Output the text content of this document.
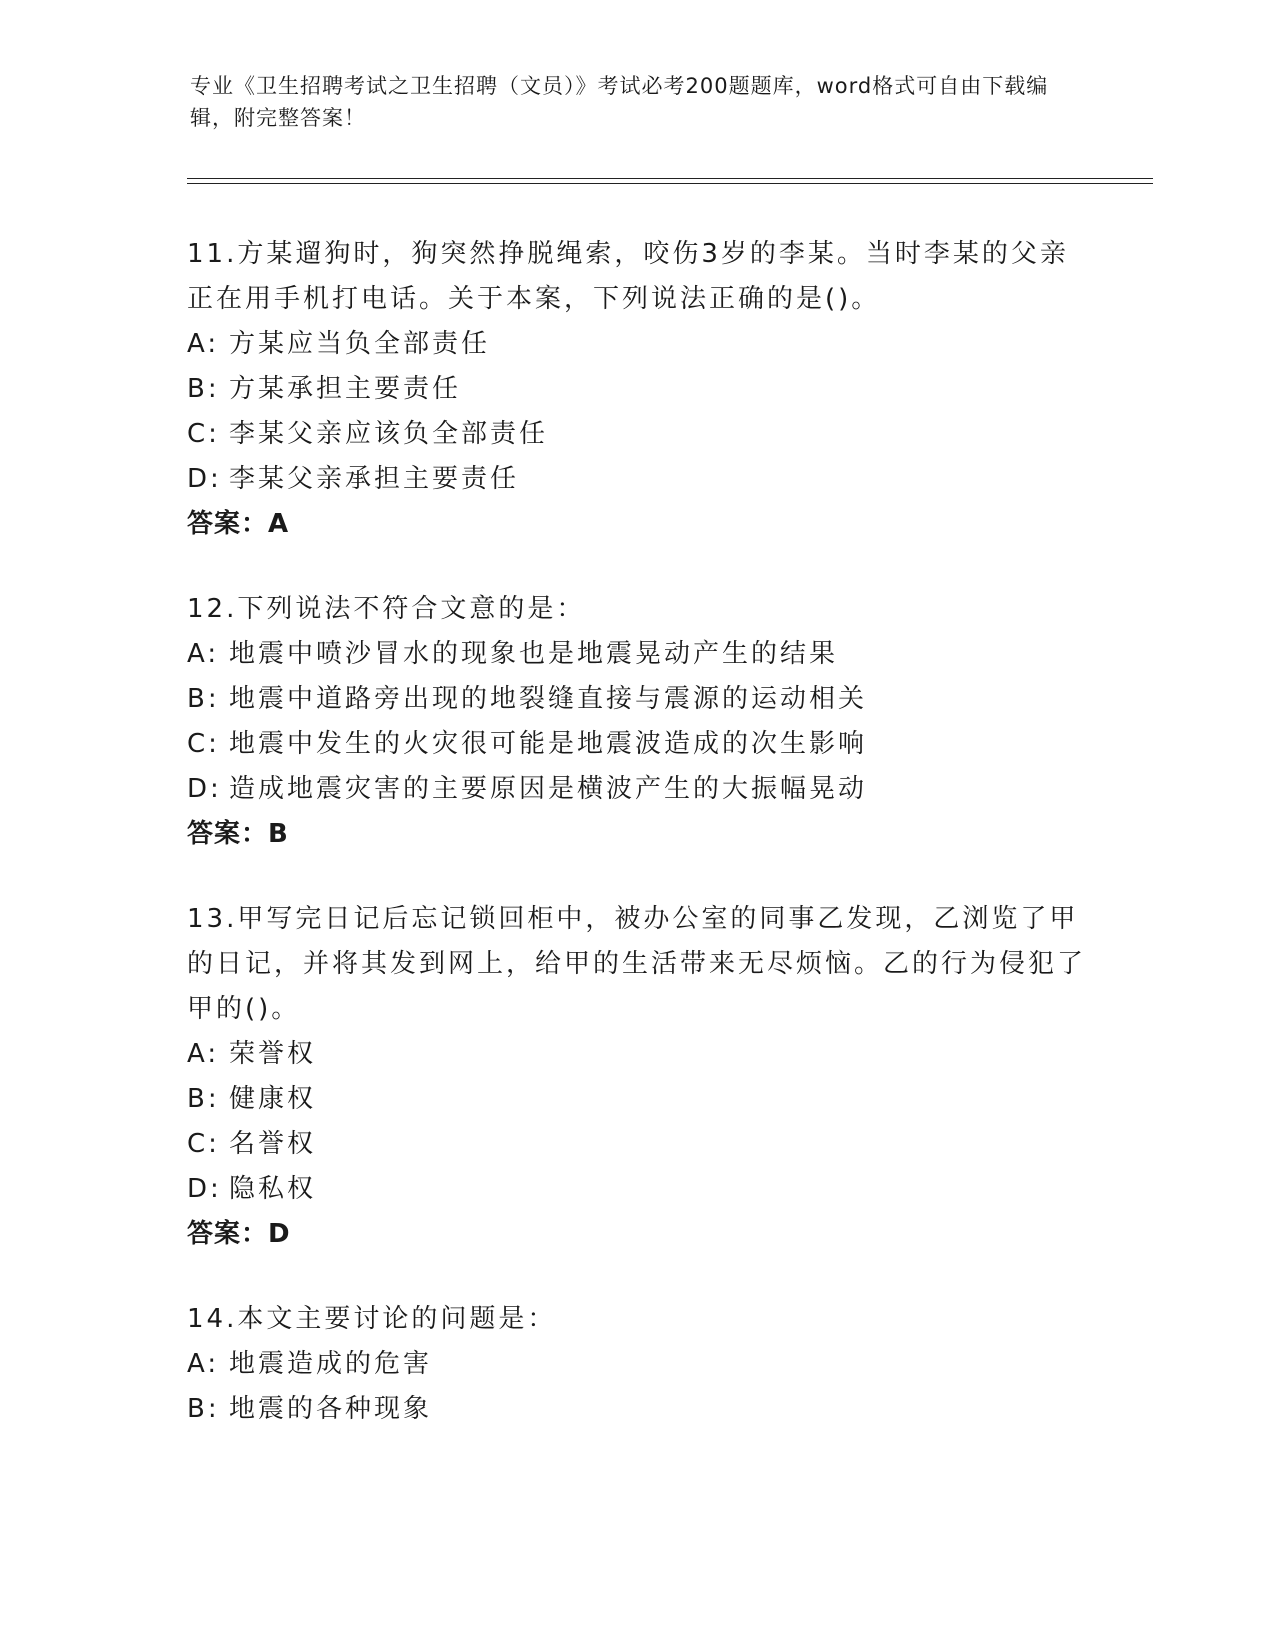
专业《卫生招聘考试之卫生招聘（文员）》考试必考200题题库，word格式可自由下载编辑，附完整答案！

11.方某遛狗时，狗突然挣脱绳索，咬伤3岁的李某。当时李某的父亲正在用手机打电话。关于本案，下列说法正确的是()。

A: 方某应当负全部责任
B: 方某承担主要责任
C: 李某父亲应该负全部责任
D: 李某父亲承担主要责任
答案：A

12.下列说法不符合文意的是：

A: 地震中喷沙冒水的现象也是地震晃动产生的结果
B: 地震中道路旁出现的地裂缝直接与震源的运动相关
C: 地震中发生的火灾很可能是地震波造成的次生影响
D: 造成地震灾害的主要原因是横波产生的大振幅晃动
答案：B

13.甲写完日记后忘记锁回柜中，被办公室的同事乙发现，乙浏览了甲的日记，并将其发到网上，给甲的生活带来无尽烦恼。乙的行为侵犯了甲的()。

A: 荣誉权
B: 健康权
C: 名誉权
D: 隐私权
答案：D

14.本文主要讨论的问题是：

A: 地震造成的危害
B: 地震的各种现象
